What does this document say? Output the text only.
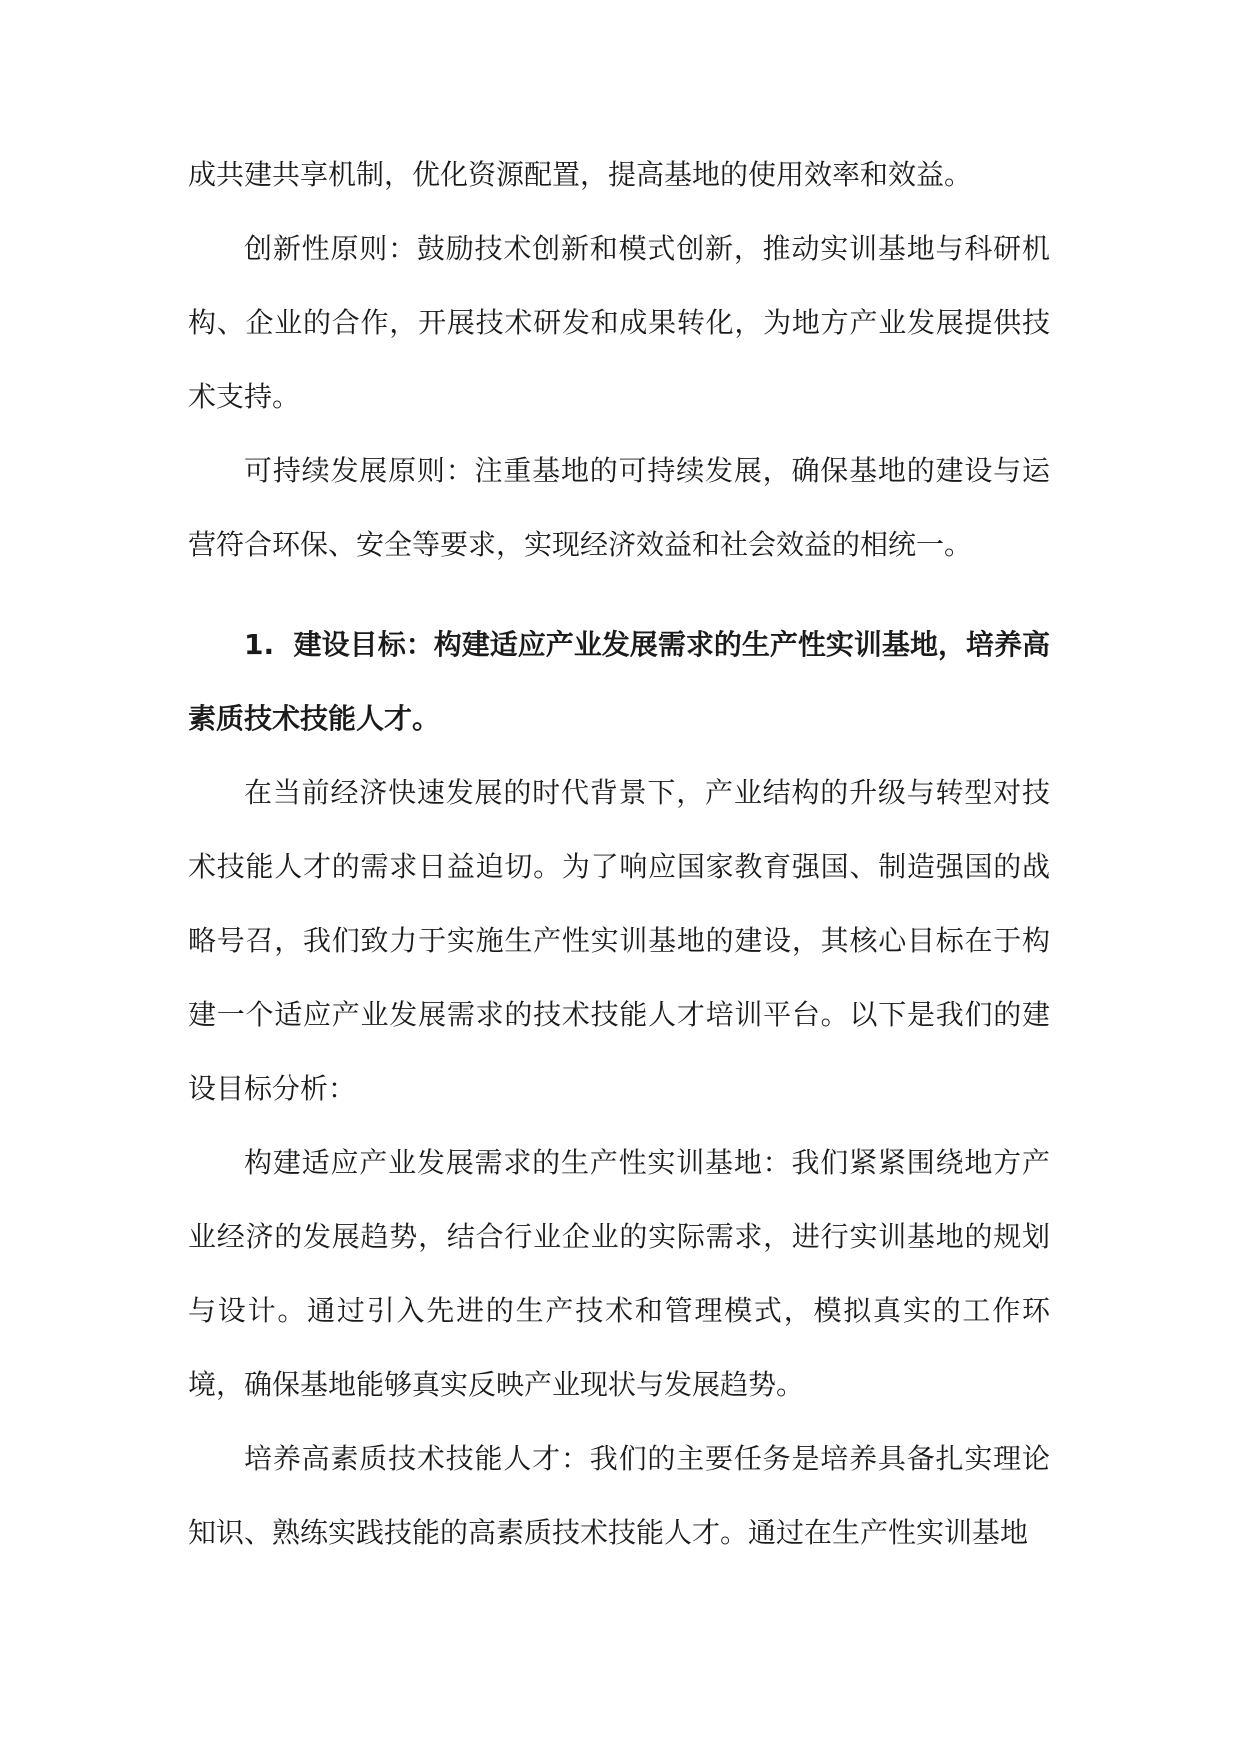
成共建共享机制，优化资源配置，提高基地的使用效率和效益。

创新性原则：鼓励技术创新和模式创新，推动实训基地与科研机构、企业的合作，开展技术研发和成果转化，为地方产业发展提供技术支持。

可持续发展原则：注重基地的可持续发展，确保基地的建设与运营符合环保、安全等要求，实现经济效益和社会效益的相统一。

1. 建设目标：构建适应产业发展需求的生产性实训基地，培养高素质技术技能人才。

在当前经济快速发展的时代背景下，产业结构的升级与转型对技术技能人才的需求日益迫切。为了响应国家教育强国、制造强国的战略号召，我们致力于实施生产性实训基地的建设，其核心目标在于构建一个适应产业发展需求的技术技能人才培训平台。以下是我们的建设目标分析：

构建适应产业发展需求的生产性实训基地：我们紧紧围绕地方产业经济的发展趋势，结合行业企业的实际需求，进行实训基地的规划与设计。通过引入先进的生产技术和管理模式，模拟真实的工作环境，确保基地能够真实反映产业现状与发展趋势。

培养高素质技术技能人才：我们的主要任务是培养具备扎实理论知识、熟练实践技能的高素质技术技能人才。通过在生产性实训基地
